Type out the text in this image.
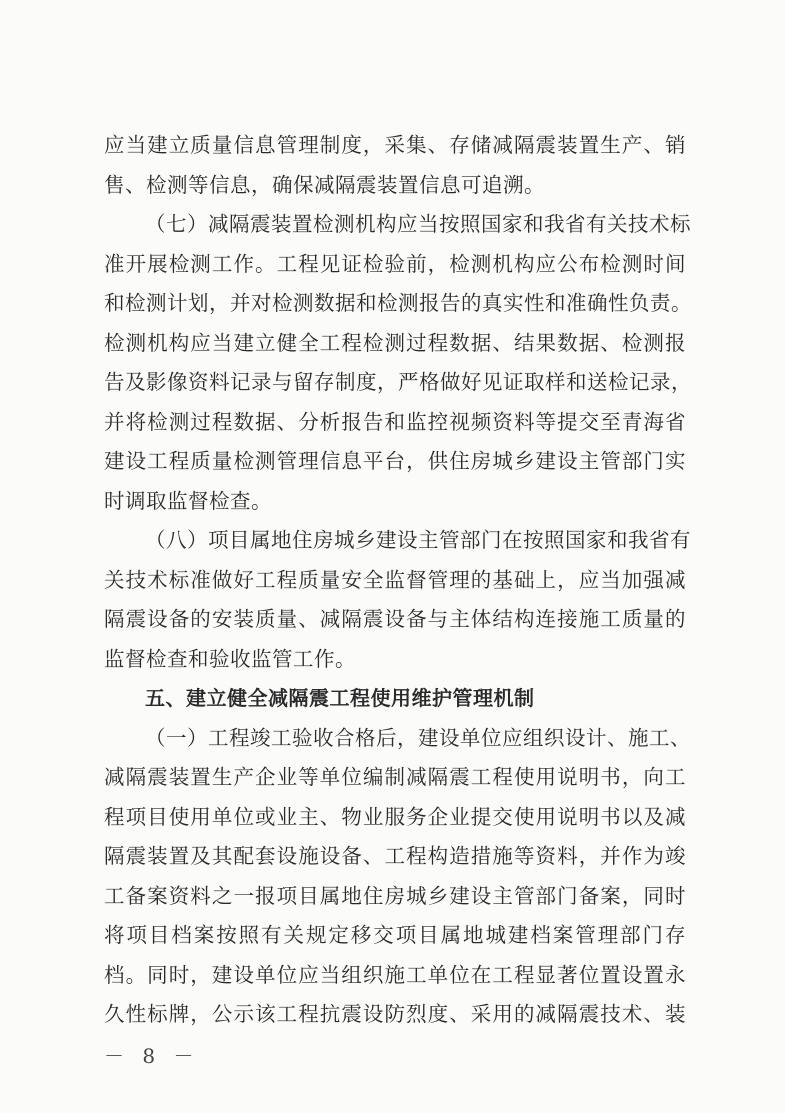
应当建立质量信息管理制度，采集、存储减隔震装置生产、销
售、检测等信息，确保减隔震装置信息可追溯。
（七）减隔震装置检测机构应当按照国家和我省有关技术标
准开展检测工作。工程见证检验前，检测机构应公布检测时间
和检测计划，并对检测数据和检测报告的真实性和准确性负责。
检测机构应当建立健全工程检测过程数据、结果数据、检测报
告及影像资料记录与留存制度，严格做好见证取样和送检记录，
并将检测过程数据、分析报告和监控视频资料等提交至青海省
建设工程质量检测管理信息平台，供住房城乡建设主管部门实
时调取监督检查。
（八）项目属地住房城乡建设主管部门在按照国家和我省有
关技术标准做好工程质量安全监督管理的基础上，应当加强减
隔震设备的安装质量、减隔震设备与主体结构连接施工质量的
监督检查和验收监管工作。
五、建立健全减隔震工程使用维护管理机制
（一）工程竣工验收合格后，建设单位应组织设计、施工、
减隔震装置生产企业等单位编制减隔震工程使用说明书，向工
程项目使用单位或业主、物业服务企业提交使用说明书以及减
隔震装置及其配套设施设备、工程构造措施等资料，并作为竣
工备案资料之一报项目属地住房城乡建设主管部门备案，同时
将项目档案按照有关规定移交项目属地城建档案管理部门存
档。同时，建设单位应当组织施工单位在工程显著位置设置永
久性标牌，公示该工程抗震设防烈度、采用的减隔震技术、装
－ 8 －
